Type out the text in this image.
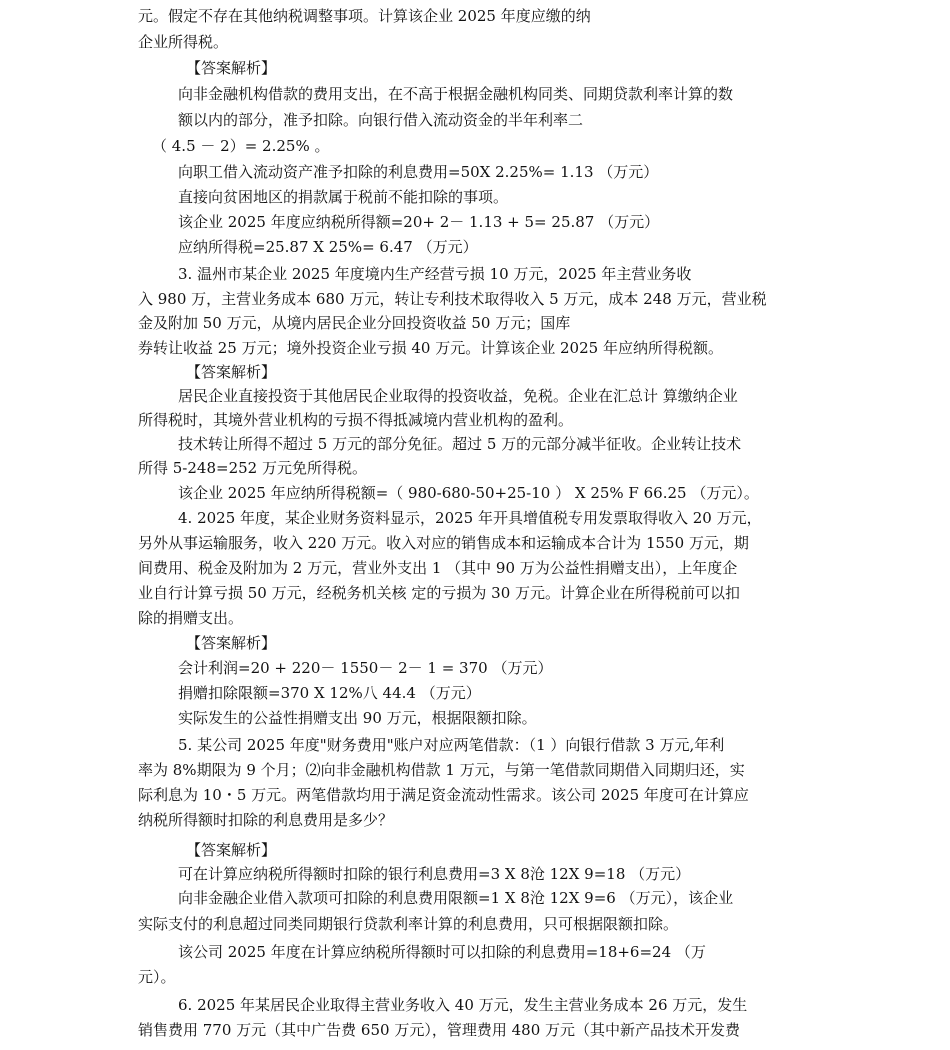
元。假定不存在其他纳税调整事项。计算该企业 2025 年度应缴的纳
企业所得税。
【答案解析】
向非金融机构借款的费用支出，在不高于根据金融机构同类、同期贷款利率计算的数
额以内的部分，准予扣除。向银行借入流动资金的半年利率二
（ 4.5 － 2）= 2.25% 。
向职工借入流动资产准予扣除的利息费用=50X 2.25%= 1.13 （万元）
直接向贫困地区的捐款属于税前不能扣除的事项。
该企业 2025 年度应纳税所得额=20+ 2－ 1.13 + 5= 25.87 （万元）
应纳所得税=25.87 X 25%= 6.47 （万元）
3. 温州市某企业 2025 年度境内生产经营亏损 10 万元，2025 年主营业务收
入 980 万，主营业务成本 680 万元，转让专利技术取得收入 5 万元，成本 248 万元，营业税
金及附加 50 万元，从境内居民企业分回投资收益 50 万元；国库
券转让收益 25 万元；境外投资企业亏损 40 万元。计算该企业 2025 年应纳所得税额。
【答案解析】
居民企业直接投资于其他居民企业取得的投资收益，免税。企业在汇总计 算缴纳企业
所得税时，其境外营业机构的亏损不得抵减境内营业机构的盈利。
技术转让所得不超过 5 万元的部分免征。超过 5 万的元部分减半征收。企业转让技术
所得 5-248=252 万元免所得税。
该企业 2025 年应纳所得税额=（ 980-680-50+25-10 ） X 25% F 66.25 （万元）。
4. 2025 年度，某企业财务资料显示，2025 年开具增值税专用发票取得收入 20 万元，
另外从事运输服务，收入 220 万元。收入对应的销售成本和运输成本合计为 1550 万元，期
间费用、税金及附加为 2 万元，营业外支出 1 （其中 90 万为公益性捐赠支出），上年度企
业自行计算亏损 50 万元，经税务机关核 定的亏损为 30 万元。计算企业在所得税前可以扣
除的捐赠支出。
【答案解析】
会计利润=20 + 220－ 1550－ 2－ 1 = 370 （万元）
捐赠扣除限额=370 X 12%八 44.4 （万元）
实际发生的公益性捐赠支出 90 万元，根据限额扣除。
5. 某公司 2025 年度"财务费用"账户对应两笔借款：（1 ）向银行借款 3 万元,年利
率为 8%期限为 9 个月；⑵向非金融机构借款 1 万元，与第一笔借款同期借入同期归还，实
际利息为 10・5 万元。两笔借款均用于满足资金流动性需求。该公司 2025 年度可在计算应
纳税所得额时扣除的利息费用是多少？
【答案解析】
可在计算应纳税所得额时扣除的银行利息费用=3 X 8沧 12X 9=18 （万元）
向非金融企业借入款项可扣除的利息费用限额=1 X 8沧 12X 9=6 （万元），该企业
实际支付的利息超过同类同期银行贷款利率计算的利息费用，只可根据限额扣除。
该公司 2025 年度在计算应纳税所得额时可以扣除的利息费用=18+6=24 （万
元）。
6. 2025 年某居民企业取得主营业务收入 40 万元，发生主营业务成本 26 万元，发生
销售费用 770 万元（其中广告费 650 万元），管理费用 480 万元（其中新产品技术开发费
